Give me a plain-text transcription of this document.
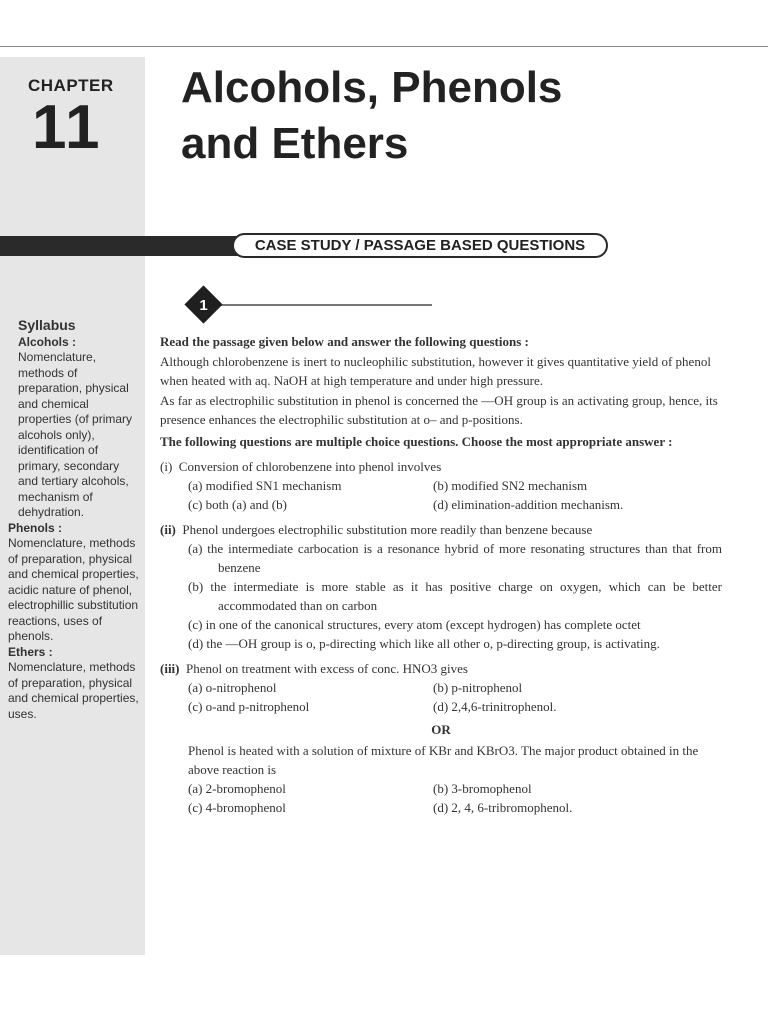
CHAPTER
11
Alcohols, Phenols
and Ethers
CASE STUDY / PASSAGE BASED QUESTIONS
1
Syllabus
Alcohols :
Nomenclature, methods of preparation, physical and chemical properties (of primary alcohols only), identification of primary, secondary and tertiary alcohols, mechanism of dehydration.
Phenols :
Nomenclature, methods of preparation, physical and chemical properties, acidic nature of phenol, electrophillic substitution reactions, uses of phenols.
Ethers :
Nomenclature, methods of preparation, physical and chemical properties, uses.
Read the passage given below and answer the following questions :
Although chlorobenzene is inert to nucleophilic substitution, however it gives quantitative yield of phenol when heated with aq. NaOH at high temperature and under high pressure.
As far as electrophilic substitution in phenol is concerned the —OH group is an activating group, hence, its presence enhances the electrophilic substitution at o– and p-positions.
The following questions are multiple choice questions. Choose the most appropriate answer :
(i) Conversion of chlorobenzene into phenol involves
(a) modified SN1 mechanism	(b) modified SN2 mechanism
(c) both (a) and (b)	(d) elimination-addition mechanism.
(ii) Phenol undergoes electrophilic substitution more readily than benzene because
(a) the intermediate carbocation is a resonance hybrid of more resonating structures than that from benzene
(b) the intermediate is more stable as it has positive charge on oxygen, which can be better accommodated than on carbon
(c) in one of the canonical structures, every atom (except hydrogen) has complete octet
(d) the —OH group is o, p-directing which like all other o, p-directing group, is activating.
(iii) Phenol on treatment with excess of conc. HNO3 gives
(a) o-nitrophenol	(b) p-nitrophenol
(c) o-and p-nitrophenol	(d) 2,4,6-trinitrophenol.
OR
Phenol is heated with a solution of mixture of KBr and KBrO3. The major product obtained in the above reaction is
(a) 2-bromophenol	(b) 3-bromophenol
(c) 4-bromophenol	(d) 2, 4, 6-tribromophenol.
